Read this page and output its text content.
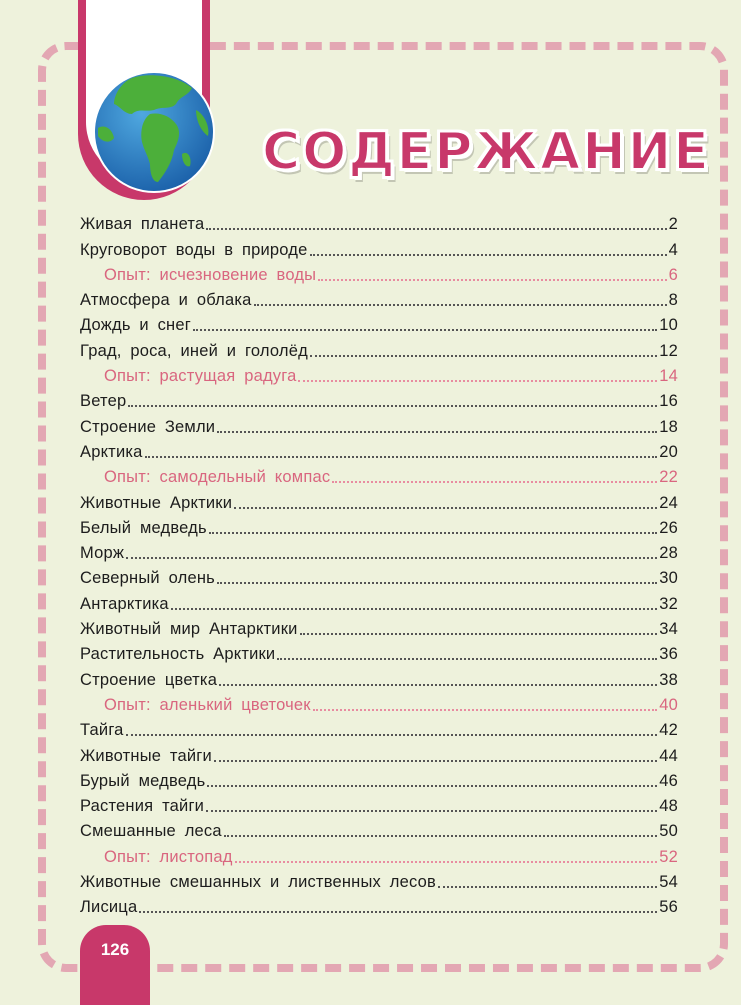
СОДЕРЖАНИЕ
Живая планета	2
Круговорот воды в природе	4
Опыт: исчезновение воды	6
Атмосфера и облака	8
Дождь и снег	10
Град, роса, иней и гололёд	12
Опыт: растущая радуга	14
Ветер	16
Строение Земли	18
Арктика	20
Опыт: самодельный компас	22
Животные Арктики	24
Белый медведь	26
Морж	28
Северный олень	30
Антарктика	32
Животный мир Антарктики	34
Растительность Арктики	36
Строение цветка	38
Опыт: аленький цветочек	40
Тайга	42
Животные тайги	44
Бурый медведь	46
Растения тайги	48
Смешанные леса	50
Опыт: листопад	52
Животные смешанных и лиственных лесов	54
Лисица	56
126
